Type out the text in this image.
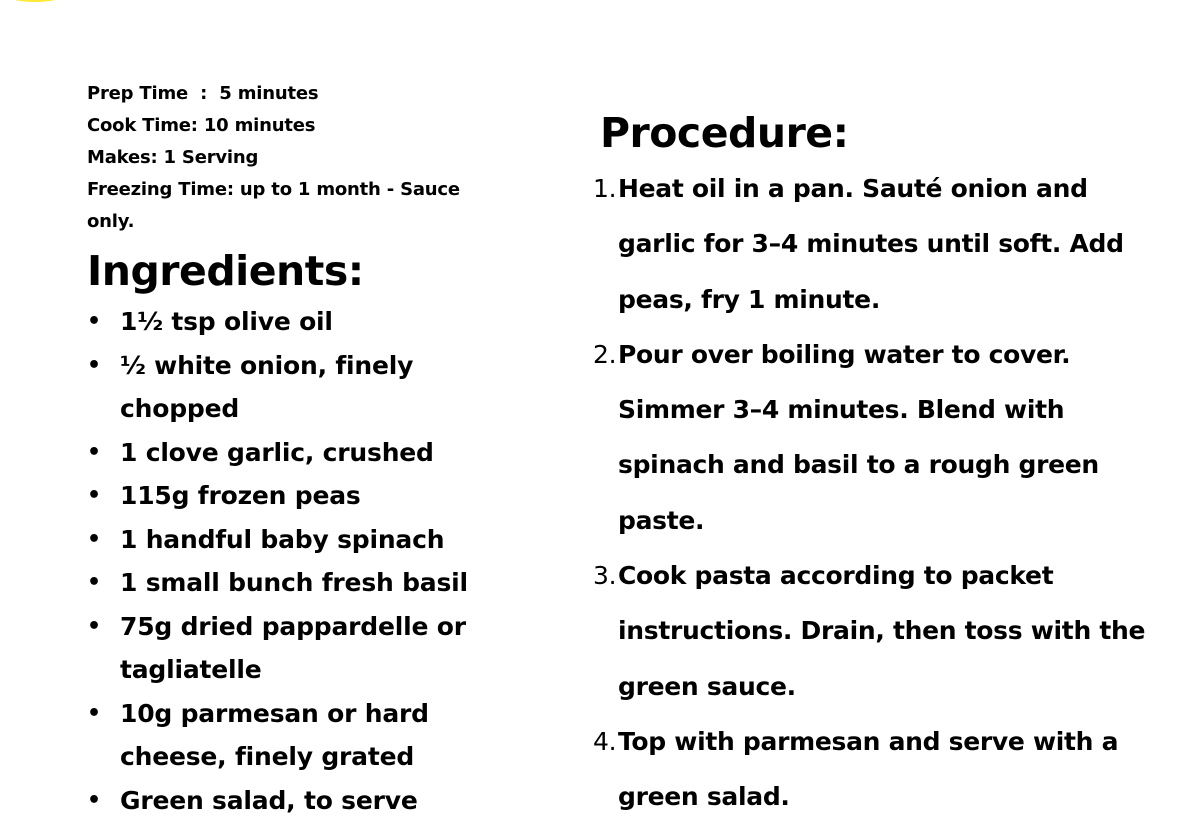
Prep Time  :  5 minutes
Cook Time: 10 minutes
Makes: 1 Serving
Freezing Time: up to 1 month - Sauce only.
Ingredients:
• 1½ tsp olive oil
• ½ white onion, finely chopped
• 1 clove garlic, crushed
• 115g frozen peas
• 1 handful baby spinach
• 1 small bunch fresh basil
• 75g dried pappardelle or tagliatelle
• 10g parmesan or hard cheese, finely grated
• Green salad, to serve
Procedure:
1. Heat oil in a pan. Sauté onion and garlic for 3–4 minutes until soft. Add peas, fry 1 minute.
2. Pour over boiling water to cover. Simmer 3–4 minutes. Blend with spinach and basil to a rough green paste.
3. Cook pasta according to packet instructions. Drain, then toss with the green sauce.
4. Top with parmesan and serve with a green salad.
